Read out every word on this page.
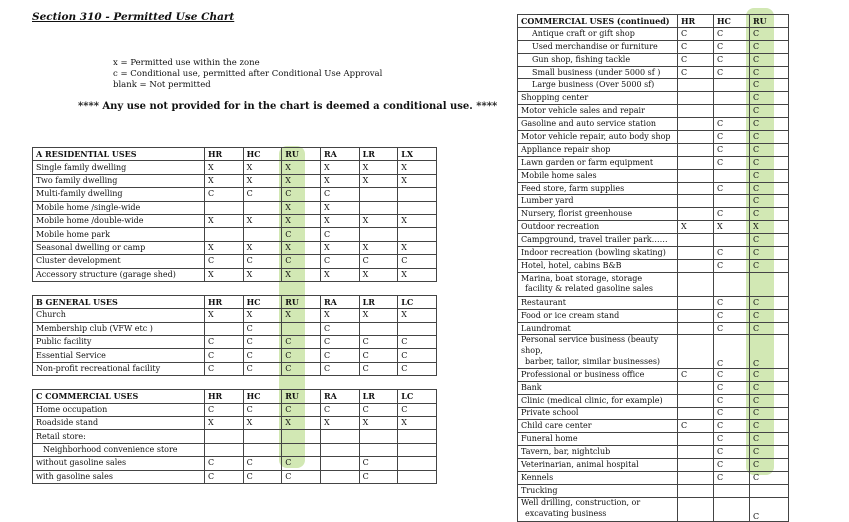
Section 310 - Permitted Use Chart
x = Permitted use within the zone
c = Conditional use, permitted after Conditional Use Approval
blank = Not permitted
**** Any use not provided for in the chart is deemed a conditional use. ****
A RESIDENTIAL USES	HR	HC	RU	RA	LR	LX
Single family dwelling	X	X	X	X	X	X
Two family dwelling	X	X	X	X	X	X
Multi-family dwelling	C	C	C	C		
Mobile home /single-wide			X	X		
Mobile home /double-wide	X	X	X	X	X	X
Mobile home park			C	C		
Seasonal dwelling or camp	X	X	X	X	X	X
Cluster development	C	C	C	C	C	C
Accessory structure (garage shed)	X	X	X	X	X	X

B GENERAL USES	HR	HC	RU	RA	LR	LC
Church	X	X	X	X	X	X
Membership club (VFW etc )		C		C		
Public facility	C	C	C	C	C	C
Essential Service	C	C	C	C	C	C
Non-profit recreational facility	C	C	C	C	C	C

C COMMERCIAL USES	HR	HC	RU	RA	LR	LC
Home occupation	C	C	C	C	C	C
Roadside stand	X	X	X	X	X	X
Retail store:						
Neighborhood convenience store						
without gasoline sales	C	C	C		C	
with gasoline sales	C	C	C		C	
COMMERCIAL USES (continued)	HR	HC	RU
Antique craft or gift shop	C	C	C
Used merchandise or furniture	C	C	C
Gun shop, fishing tackle	C	C	C
Small business (under 5000 sf )	C	C	C
Large business (Over 5000 sf)			C
Shopping center			C
Motor vehicle sales and repair			C
Gasoline and auto service station		C	C
Motor vehicle repair, auto body shop		C	C
Appliance repair shop		C	C
Lawn garden or farm equipment		C	C
Mobile home sales			C
Feed store, farm supplies		C	C
Lumber yard			C
Nursery, florist greenhouse		C	C
Outdoor recreation	X	X	X
Campground, travel trailer park……			C
Indoor recreation (bowling skating)		C	C
Hotel, hotel, cabins B&B		C	C
Marina, boat storage, storage
facility & related gasoline sales			
Restaurant		C	C
Food or ice cream stand		C	C
Laundromat		C	C
Personal service business (beauty shop,
barber, tailor, similar businesses)		C	C
Professional or business office	C	C	C
Bank		C	C
Clinic (medical clinic, for example)		C	C
Private school		C	C
Child care center	C	C	C
Funeral home		C	C
Tavern, bar, nightclub		C	C
Veterinarian, animal hospital		C	C
Kennels		C	C
Trucking			
Well drilling, construction, or
excavating business			C
